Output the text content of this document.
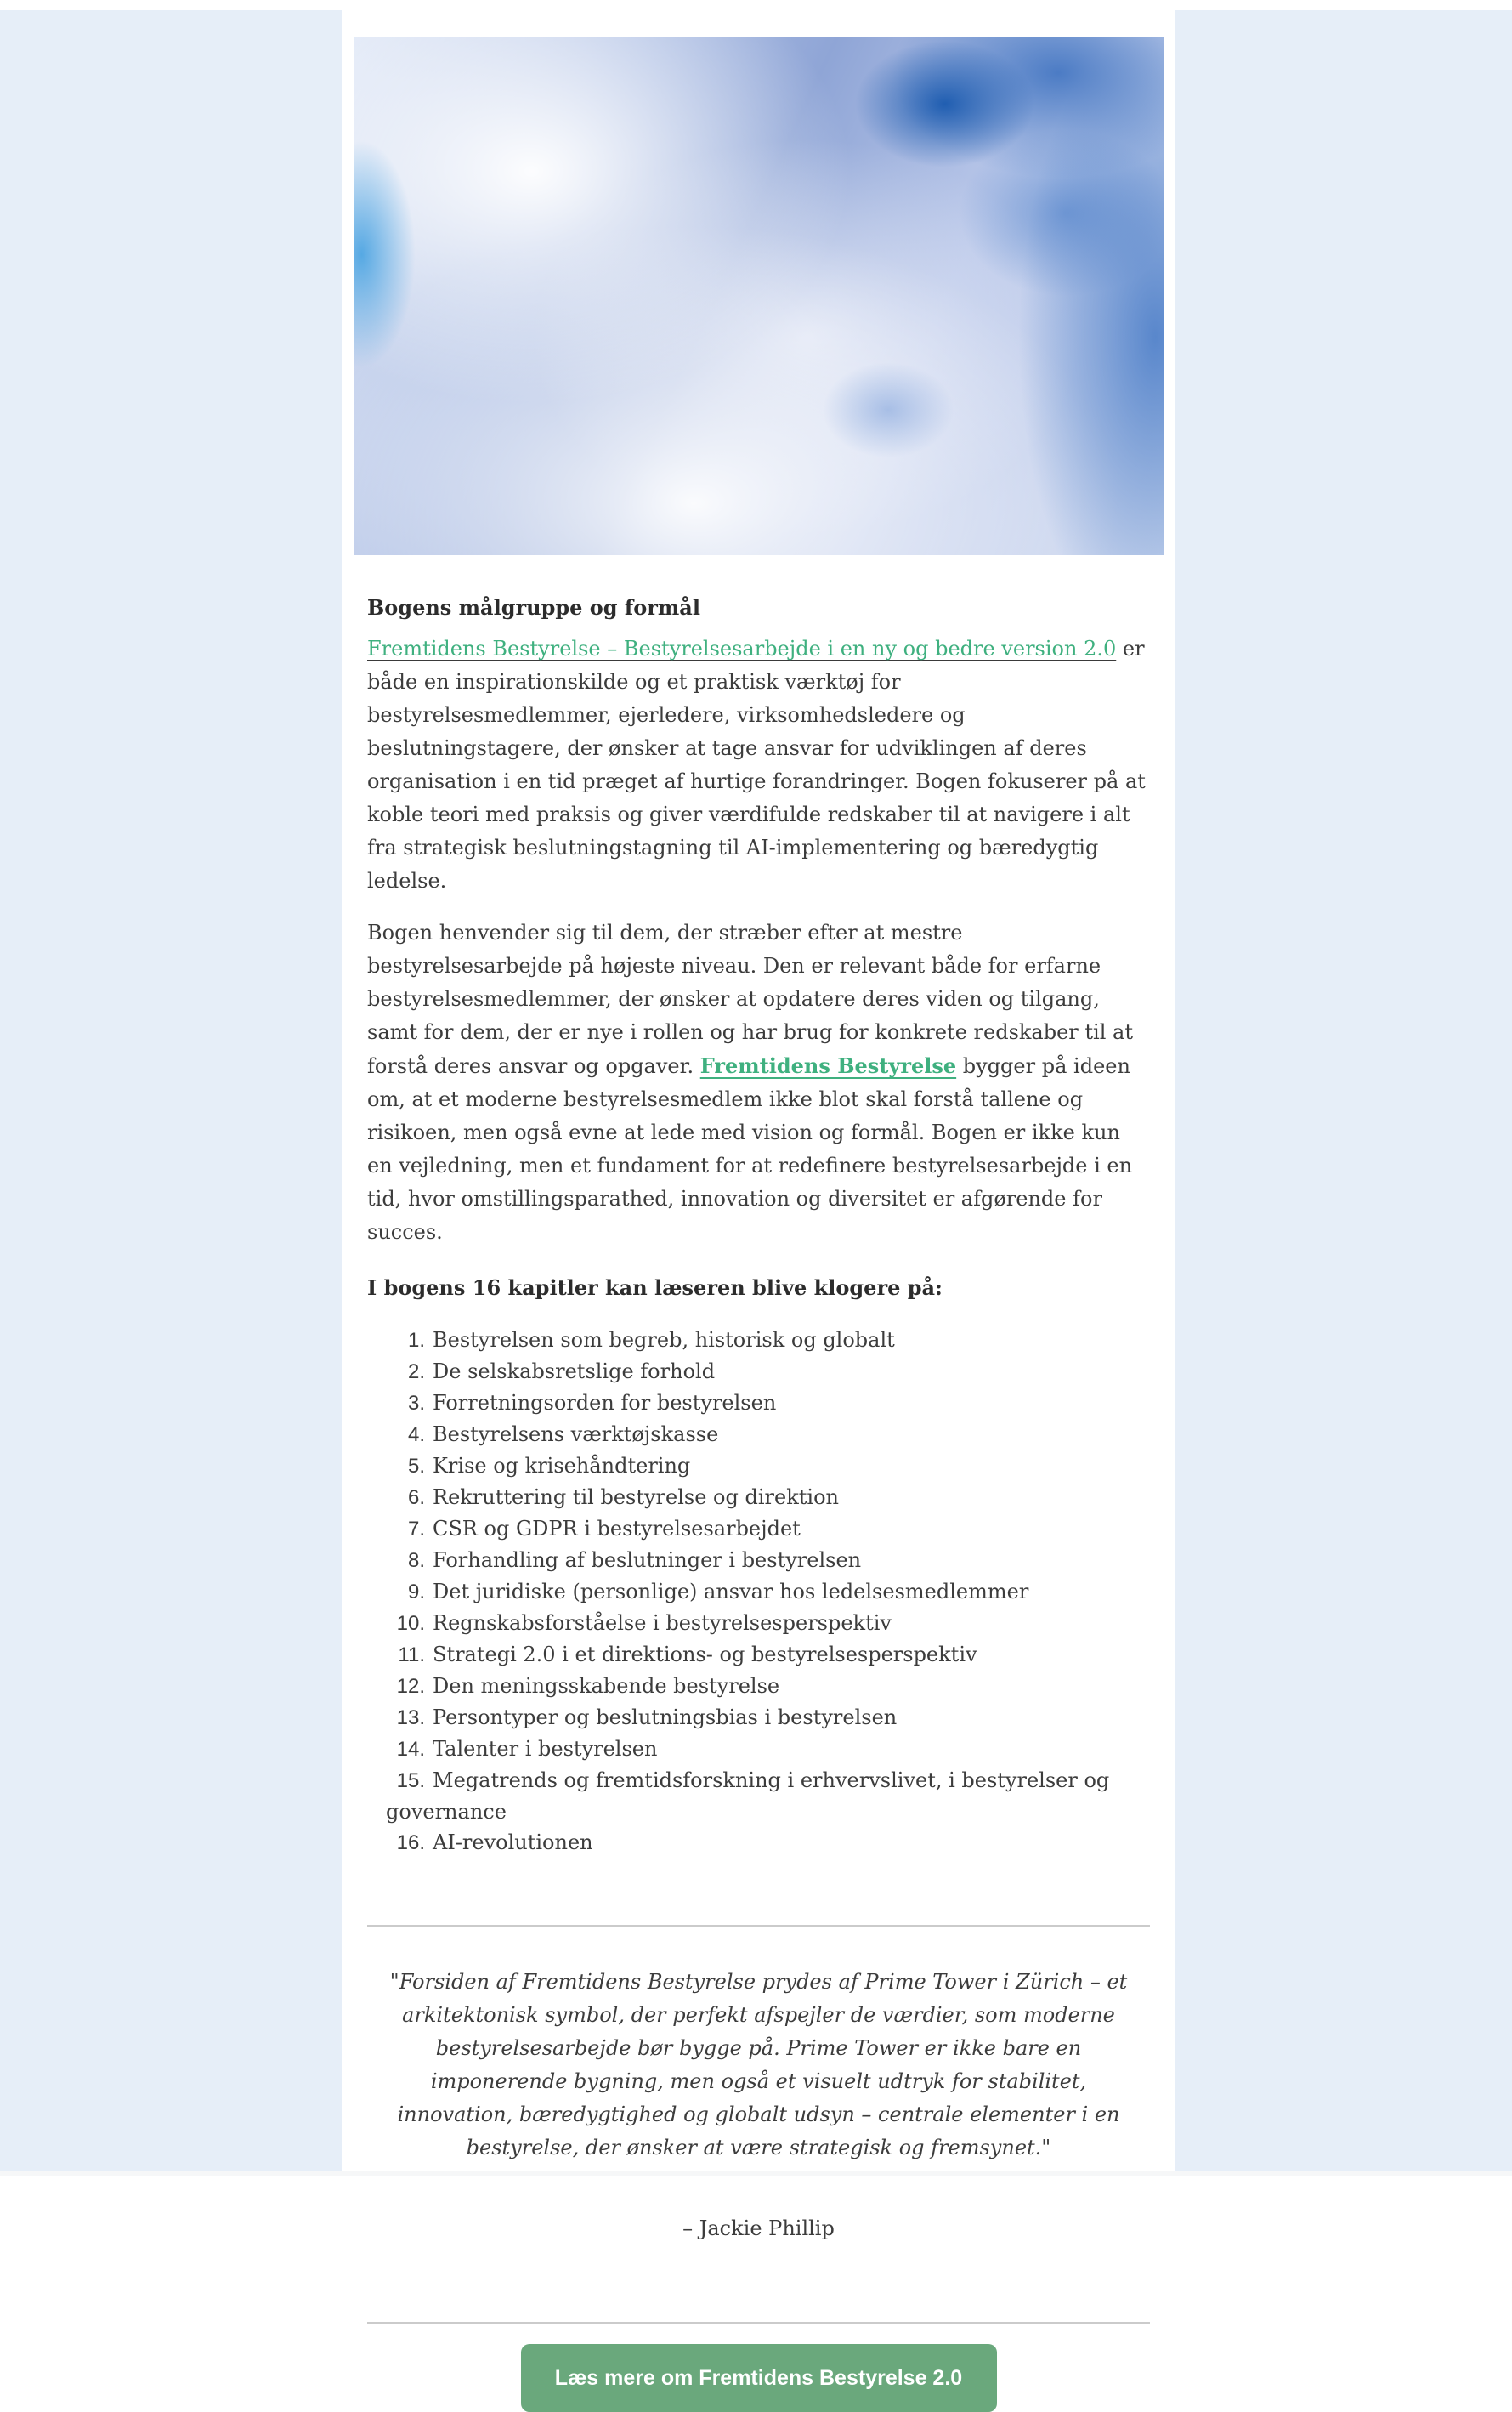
Bogens målgruppe og formål
Fremtidens Bestyrelse – Bestyrelsesarbejde i en ny og bedre version 2.0 er både en inspirationskilde og et praktisk værktøj for bestyrelsesmedlemmer, ejerledere, virksomhedsledere og beslutningstagere, der ønsker at tage ansvar for udviklingen af deres organisation i en tid præget af hurtige forandringer. Bogen fokuserer på at koble teori med praksis og giver værdifulde redskaber til at navigere i alt fra strategisk beslutningstagning til AI-implementering og bæredygtig ledelse.

Bogen henvender sig til dem, der stræber efter at mestre bestyrelsesarbejde på højeste niveau. Den er relevant både for erfarne bestyrelsesmedlemmer, der ønsker at opdatere deres viden og tilgang, samt for dem, der er nye i rollen og har brug for konkrete redskaber til at forstå deres ansvar og opgaver. Fremtidens Bestyrelse bygger på ideen om, at et moderne bestyrelsesmedlem ikke blot skal forstå tallene og risikoen, men også evne at lede med vision og formål. Bogen er ikke kun en vejledning, men et fundament for at redefinere bestyrelsesarbejde i en tid, hvor omstillingsparathed, innovation og diversitet er afgørende for succes.

I bogens 16 kapitler kan læseren blive klogere på:

Bestyrelsen som begreb, historisk og globalt
De selskabsretslige forhold
Forretningsorden for bestyrelsen
Bestyrelsens værktøjskasse
Krise og krisehåndtering
Rekruttering til bestyrelse og direktion
CSR og GDPR i bestyrelsesarbejdet
Forhandling af beslutninger i bestyrelsen
Det juridiske (personlige) ansvar hos ledelsesmedlemmer
Regnskabsforståelse i bestyrelsesperspektiv
Strategi 2.0 i et direktions- og bestyrelsesperspektiv
Den meningsskabende bestyrelse
Persontyper og beslutningsbias i bestyrelsen
Talenter i bestyrelsen
Megatrends og fremtidsforskning i erhvervslivet, i bestyrelser og governance
AI-revolutionen
"Forsiden af Fremtidens Bestyrelse prydes af Prime Tower i Zürich – et arkitektonisk symbol, der perfekt afspejler de værdier, som moderne bestyrelsesarbejde bør bygge på. Prime Tower er ikke bare en imponerende bygning, men også et visuelt udtryk for stabilitet, innovation, bæredygtighed og globalt udsyn – centrale elementer i en bestyrelse, der ønsker at være strategisk og fremsynet."
– Jackie Phillip
Læs mere om Fremtidens Bestyrelse 2.0
